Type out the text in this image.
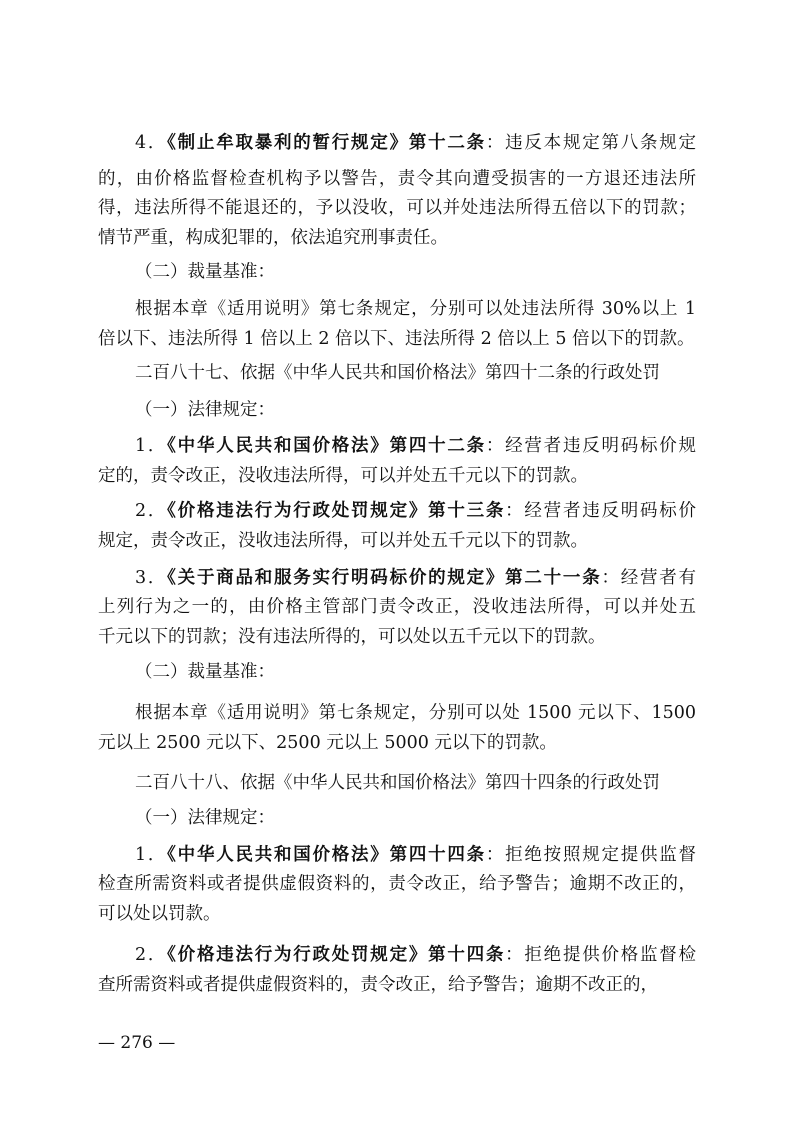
4．《制止牟取暴利的暂行规定》第十二条：违反本规定第八条规定
的，由价格监督检查机构予以警告，责令其向遭受损害的一方退还违法所
得，违法所得不能退还的，予以没收，可以并处违法所得五倍以下的罚款；
情节严重，构成犯罪的，依法追究刑事责任。
（二）裁量基准：
根据本章《适用说明》第七条规定，分别可以处违法所得 30%以上 1
倍以下、违法所得 1 倍以上 2 倍以下、违法所得 2 倍以上 5 倍以下的罚款。
二百八十七、依据《中华人民共和国价格法》第四十二条的行政处罚
（一）法律规定：
1．《中华人民共和国价格法》第四十二条：经营者违反明码标价规
定的，责令改正，没收违法所得，可以并处五千元以下的罚款。
2．《价格违法行为行政处罚规定》第十三条：经营者违反明码标价
规定，责令改正，没收违法所得，可以并处五千元以下的罚款。
3．《关于商品和服务实行明码标价的规定》第二十一条：经营者有
上列行为之一的，由价格主管部门责令改正，没收违法所得，可以并处五
千元以下的罚款；没有违法所得的，可以处以五千元以下的罚款。
（二）裁量基准：
根据本章《适用说明》第七条规定，分别可以处 1500 元以下、1500
元以上 2500 元以下、2500 元以上 5000 元以下的罚款。
二百八十八、依据《中华人民共和国价格法》第四十四条的行政处罚
（一）法律规定：
1．《中华人民共和国价格法》第四十四条：拒绝按照规定提供监督
检查所需资料或者提供虚假资料的，责令改正，给予警告；逾期不改正的，
可以处以罚款。
2．《价格违法行为行政处罚规定》第十四条：拒绝提供价格监督检
查所需资料或者提供虚假资料的，责令改正，给予警告；逾期不改正的，
— 276 —
